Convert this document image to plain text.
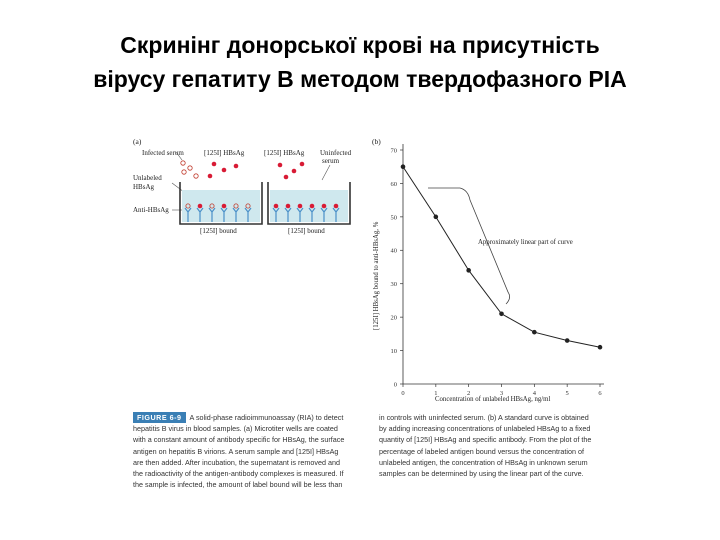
Скринінг донорської крові на присутність
вірусу гепатиту В методом твердофазного РІА
(a)
Infected serum	[125I] HBsAg	[125I] HBsAg Uninfected
serum
Unlabeled
HBsAg
Anti-HBsAg
[125I] bound	[125I] bound
(b)
0
10
20
30
40
50
60
70
0	1	2	3	4	5	6
Approximately linear part of curve
Concentration of unlabeled HBsAg, ng/ml
[125I] HBsAg bound to anti-HBsAg, %
FIGURE 6-9 A solid-phase radioimmunoassay (RIA) to detect
hepatitis B virus in blood samples. (a) Microtiter wells are coated
with a constant amount of antibody specific for HBsAg, the surface
antigen on hepatitis B virions. A serum sample and [125I] HBsAg
are then added. After incubation, the supernatant is removed and
the radioactivity of the antigen-antibody complexes is measured. If
the sample is infected, the amount of label bound will be less than
in controls with uninfected serum. (b) A standard curve is obtained
by adding increasing concentrations of unlabeled HBsAg to a fixed
quantity of [125I] HBsAg and specific antibody. From the plot of the
percentage of labeled antigen bound versus the concentration of
unlabeled antigen, the concentration of HBsAg in unknown serum
samples can be determined by using the linear part of the curve.
